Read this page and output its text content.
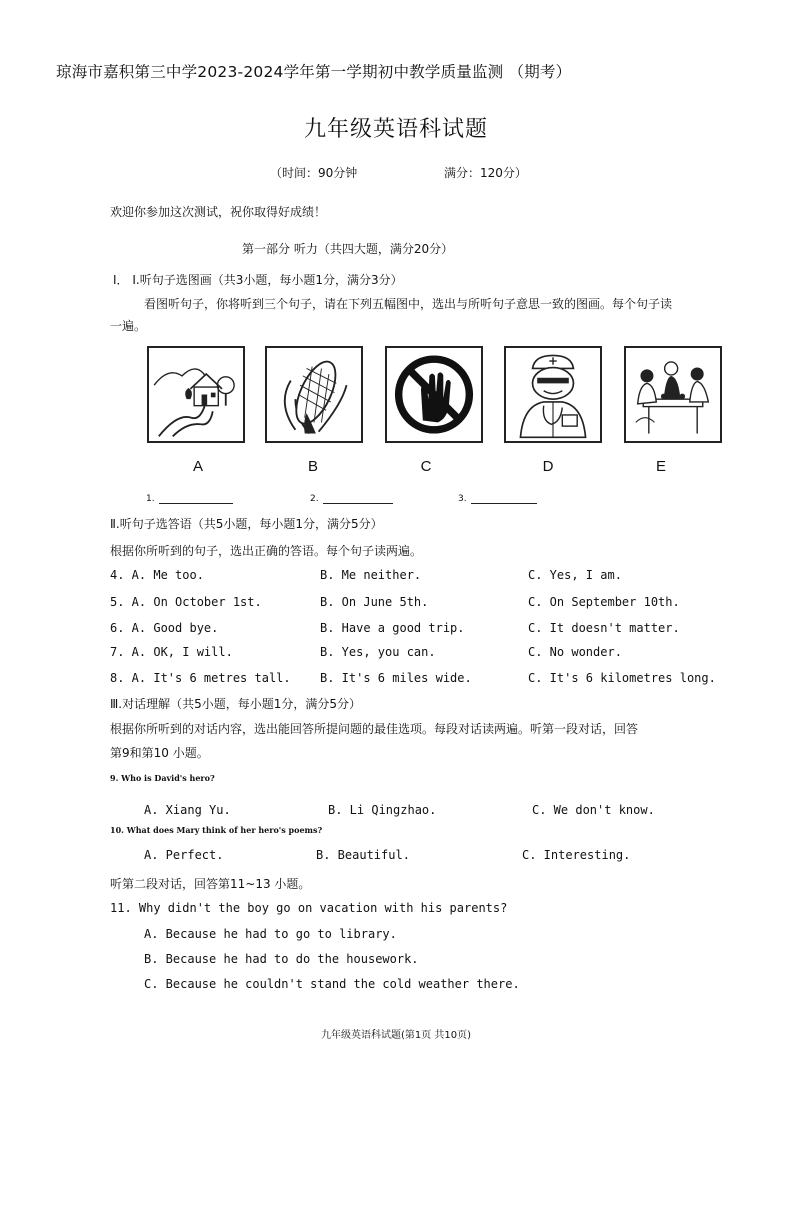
琼海市嘉积第三中学2023-2024学年第一学期初中教学质量监测 （期考）
九年级英语科试题
（时间：90分钟	满分：120分）
欢迎你参加这次测试，祝你取得好成绩！
第一部分 听力（共四大题，满分20分）
Ⅰ． Ⅰ.听句子选图画（共3小题，每小题1分，满分3分）
看图听句子，你将听到三个句子，请在下列五幅图中，选出与所听句子意思一致的图画。每个句子读
一遍。
A	B	C	D	E
1.	2.	3.
Ⅱ.听句子选答语（共5小题，每小题1分，满分5分）
根据你所听到的句子，选出正确的答语。每个句子读两遍。
4. A. Me too.	B. Me neither.	C. Yes, I am.
5. A. On October 1st.	B. On June 5th.	C. On September 10th.
6. A. Good bye.	B. Have a good trip.	C. It doesn't matter.
7. A. OK, I will.	B. Yes, you can.	C. No wonder.
8. A. It's 6 metres tall. B. It's 6 miles wide.	C. It's 6 kilometres long.
Ⅲ.对话理解（共5小题，每小题1分，满分5分）
根据你所听到的对话内容，选出能回答所提问题的最佳选项。每段对话读两遍。听第一段对话，回答
第9和第10 小题。
9. Who is David's hero?
A. Xiang Yu.	B. Li Qingzhao.	C. We don't know.
10. What does Mary think of her hero's poems?
A. Perfect.	B. Beautiful.	C. Interesting.
听第二段对话，回答第11~13 小题。
11. Why didn't the boy go on vacation with his parents?
A. Because he had to go to library.
B. Because he had to do the housework.
C. Because he couldn't stand the cold weather there.
九年级英语科试题(第1页 共10页)
